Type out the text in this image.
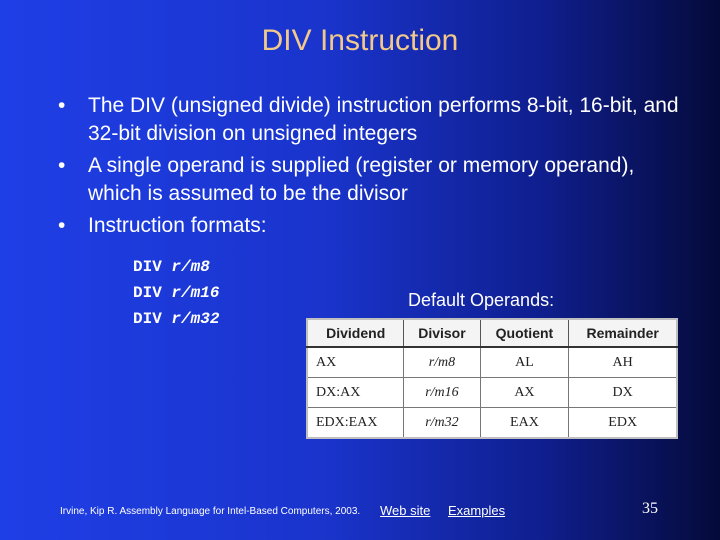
DIV Instruction
• The DIV (unsigned divide) instruction performs 8-bit, 16-bit, and 32-bit division on unsigned integers
• A single operand is supplied (register or memory operand), which is assumed to be the divisor
• Instruction formats:
DIV r/m8
DIV r/m16
DIV r/m32
Default Operands:
Dividend	Divisor	Quotient	Remainder
AX	r/m8	AL	AH
DX:AX	r/m16	AX	DX
EDX:EAX	r/m32	EAX	EDX
Irvine, Kip R. Assembly Language for Intel-Based Computers, 2003. Web site Examples	35
